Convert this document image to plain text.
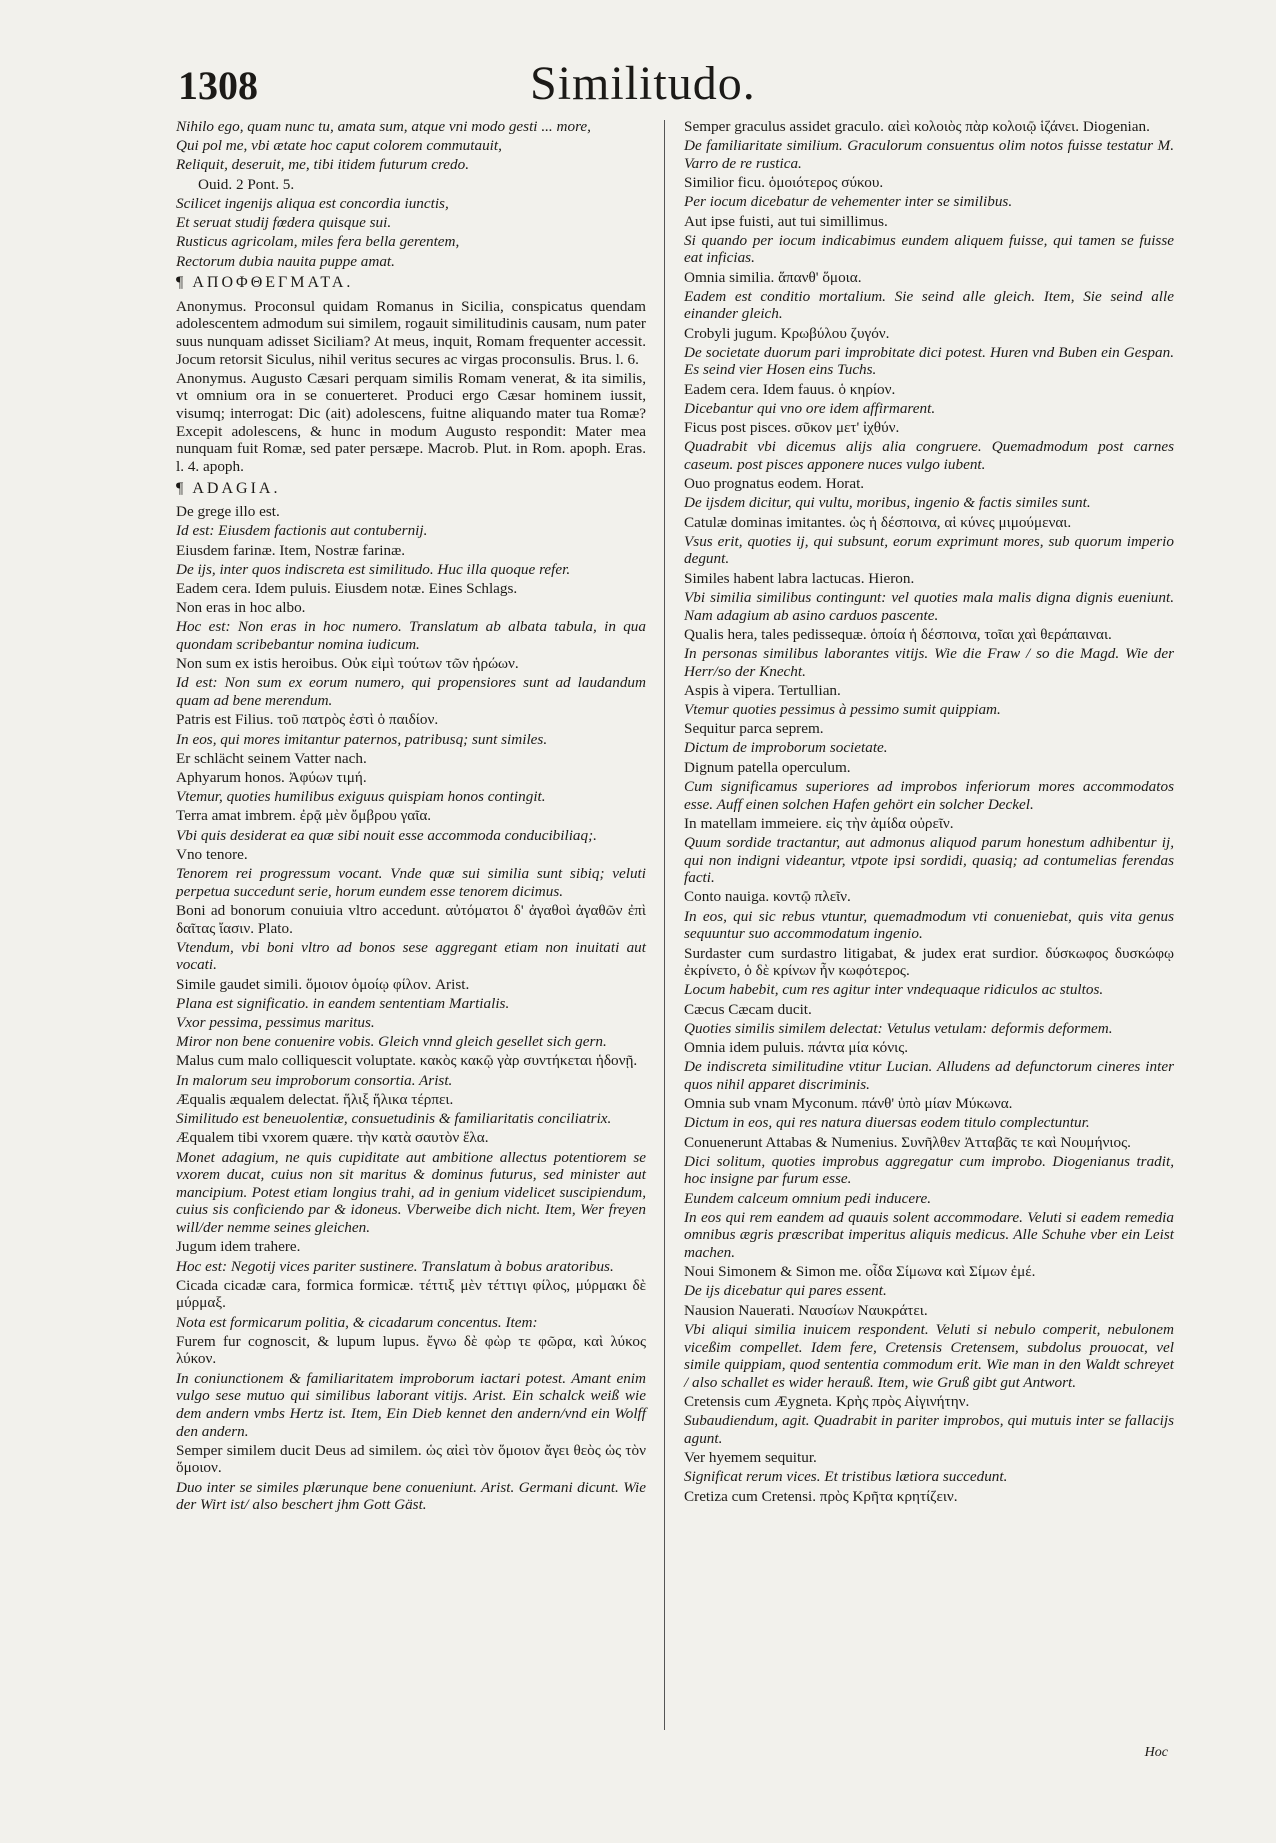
1308	Similitudo.

Nihilo ego, quam nunc tu, amata sum, atque vni modo gesti ... more,

Qui pol me, vbi ætate hoc caput colorem commutauit,

Reliquit, deseruit, me, tibi itidem futurum credo.

Ouid. 2 Pont. 5.

Scilicet ingenijs aliqua est concordia iunctis,

Et seruat studij fœdera quisque sui.

Rusticus agricolam, miles fera bella gerentem,

Rectorum dubia nauita puppe amat.

¶ ΑΠΟΦΘΕΓΜΑΤΑ.

Anonymus. Proconsul quidam Romanus in Sicilia, conspicatus quendam adolescentem admodum sui similem, rogauit similitudinis causam, num pater suus nunquam adisset Siciliam? At meus, inquit, Romam frequenter accessit. Jocum retorsit Siculus, nihil veritus secures ac virgas proconsulis. Brus. l. 6.

Anonymus. Augusto Cæsari perquam similis Romam venerat, & ita similis, vt omnium ora in se conuerteret. Produci ergo Cæsar hominem iussit, visumq; interrogat: Dic (ait) adolescens, fuitne aliquando mater tua Romæ? Excepit adolescens, & hunc in modum Augusto respondit: Mater mea nunquam fuit Romæ, sed pater persæpe. Macrob. Plut. in Rom. apoph. Eras. l. 4. apoph.

¶ ADAGIA.

De grege illo est.

Id est: Eiusdem factionis aut contubernij.

Eiusdem farinæ. Item, Nostræ farinæ.

De ijs, inter quos indiscreta est similitudo. Huc illa quoque refer.

Eadem cera. Idem puluis. Eiusdem notæ. Eines Schlags.

Non eras in hoc albo.

Hoc est: Non eras in hoc numero. Translatum ab albata tabula, in qua quondam scribebantur nomina iudicum.

Non sum ex istis heroibus. Οὐκ εἰμὶ τούτων τῶν ἡρώων.

Id est: Non sum ex eorum numero, qui propensiores sunt ad laudandum quam ad bene merendum.

Patris est Filius. τοῦ πατρὸς ἐστὶ ὁ παιδίον.

In eos, qui mores imitantur paternos, patribusq; sunt similes.

Er schlächt seinem Vatter nach.

Aphyarum honos. Ἀφύων τιμή.

Vtemur, quoties humilibus exiguus quispiam honos contingit.

Terra amat imbrem. ἐρᾷ μὲν ὄμβρου γαῖα.

Vbi quis desiderat ea quæ sibi nouit esse accommoda conducibiliaq;.

Vno tenore.

Tenorem rei progressum vocant. Vnde quæ sui similia sunt sibiq; veluti perpetua succedunt serie, horum eundem esse tenorem dicimus.

Boni ad bonorum conuiuia vltro accedunt. αὐτόματοι δ' ἀγαθοὶ ἀγαθῶν ἐπὶ δαῖτας ἴασιν. Plato.

Vtendum, vbi boni vltro ad bonos sese aggregant etiam non inuitati aut vocati.

Simile gaudet simili. ὅμοιον ὁμοίῳ φίλον. Arist.

Plana est significatio. in eandem sententiam Martialis.

Vxor pessima, pessimus maritus.

Miror non bene conuenire vobis. Gleich vnnd gleich gesellet sich gern.

Malus cum malo colliquescit voluptate. κακὸς κακῷ γὰρ συντήκεται ἡδονῇ.

In malorum seu improborum consortia. Arist.

Æqualis æqualem delectat. ἥλιξ ἥλικα τέρπει.

Similitudo est beneuolentiæ, consuetudinis & familiaritatis conciliatrix.

Æqualem tibi vxorem quære. τὴν κατὰ σαυτὸν ἔλα.

Monet adagium, ne quis cupiditate aut ambitione allectus potentiorem se vxorem ducat, cuius non sit maritus & dominus futurus, sed minister aut mancipium. Potest etiam longius trahi, ad in genium videlicet suscipiendum, cuius sis conficiendo par & idoneus. Vberweibe dich nicht. Item, Wer freyen will/der nemme seines gleichen.

Jugum idem trahere.

Hoc est: Negotij vices pariter sustinere. Translatum à bobus aratoribus.

Cicada cicadæ cara, formica formicæ. τέττιξ μὲν τέττιγι φίλος, μύρμακι δὲ μύρμαξ.

Nota est formicarum politia, & cicadarum concentus. Item:

Furem fur cognoscit, & lupum lupus. ἔγνω δὲ φὼρ τε φῶρα, καὶ λύκος λύκον.

In coniunctionem & familiaritatem improborum iactari potest. Amant enim vulgo sese mutuo qui similibus laborant vitijs. Arist. Ein schalck weiß wie dem andern vmbs Hertz ist. Item, Ein Dieb kennet den andern/vnd ein Wolff den andern.

Semper similem ducit Deus ad similem. ὡς αἰεὶ τὸν ὅμοιον ἄγει θεὸς ὡς τὸν ὅμοιον.

Duo inter se similes plærunque bene conueniunt. Arist. Germani dicunt. Wie der Wirt ist/ also beschert jhm Gott Gäst.

Semper graculus assidet graculo. αἰεὶ κολοιὸς πὰρ κολοιῷ ἱζάνει. Diogenian.

De familiaritate similium. Graculorum consuentus olim notos fuisse testatur M. Varro de re rustica.

Similior ficu. ὁμοιότερος σύκου.

Per iocum dicebatur de vehementer inter se similibus.

Aut ipse fuisti, aut tui simillimus.

Si quando per iocum indicabimus eundem aliquem fuisse, qui tamen se fuisse eat inficias.

Omnia similia. ἅπανθ' ὅμοια.

Eadem est conditio mortalium. Sie seind alle gleich. Item, Sie seind alle einander gleich.

Crobyli jugum. Κρωβύλου ζυγόν.

De societate duorum pari improbitate dici potest. Huren vnd Buben ein Gespan. Es seind vier Hosen eins Tuchs.

Eadem cera. Idem fauus. ὁ κηρίον.

Dicebantur qui vno ore idem affirmarent.

Ficus post pisces. σῦκον μετ' ἰχθύν.

Quadrabit vbi dicemus alijs alia congruere. Quemadmodum post carnes caseum. post pisces apponere nuces vulgo iubent.

Ouo prognatus eodem. Horat.

De ijsdem dicitur, qui vultu, moribus, ingenio & factis similes sunt.

Catulæ dominas imitantes. ὡς ἡ δέσποινα, αἱ κύνες μιμούμεναι.

Vsus erit, quoties ij, qui subsunt, eorum exprimunt mores, sub quorum imperio degunt.

Similes habent labra lactucas. Hieron.

Vbi similia similibus contingunt: vel quoties mala malis digna dignis eueniunt. Nam adagium ab asino carduos pascente.

Qualis hera, tales pedissequæ. ὁποία ἡ δέσποινα, τοῖαι χαὶ θεράπαιναι.

In personas similibus laborantes vitijs. Wie die Fraw / so die Magd. Wie der Herr/so der Knecht.

Aspis à vipera. Tertullian.

Vtemur quoties pessimus à pessimo sumit quippiam.

Sequitur parca seprem.

Dictum de improborum societate.

Dignum patella operculum.

Cum significamus superiores ad improbos inferiorum mores accommodatos esse. Auff einen solchen Hafen gehört ein solcher Deckel.

In matellam immeiere. εἰς τὴν ἀμίδα οὐρεῖν.

Quum sordide tractantur, aut admonus aliquod parum honestum adhibentur ij, qui non indigni videantur, vtpote ipsi sordidi, quasiq; ad contumelias ferendas facti.

Conto nauiga. κοντῷ πλεῖν.

In eos, qui sic rebus vtuntur, quemadmodum vti conueniebat, quis vita genus sequuntur suo accommodatum ingenio.

Surdaster cum surdastro litigabat, & judex erat surdior. δύσκωφος δυσκώφῳ ἐκρίνετο, ὁ δὲ κρίνων ἦν κωφότερος.

Locum habebit, cum res agitur inter vndequaque ridiculos ac stultos.

Cæcus Cæcam ducit.

Quoties similis similem delectat: Vetulus vetulam: deformis deformem.

Omnia idem puluis. πάντα μία κόνις.

De indiscreta similitudine vtitur Lucian. Alludens ad defunctorum cineres inter quos nihil apparet discriminis.

Omnia sub vnam Myconum. πάνθ' ὑπὸ μίαν Μύκωνα.

Dictum in eos, qui res natura diuersas eodem titulo complectuntur.

Conuenerunt Attabas & Numenius. Συνῆλθεν Ἀτταβᾶς τε καὶ Νουμήνιος.

Dici solitum, quoties improbus aggregatur cum improbo. Diogenianus tradit, hoc insigne par furum esse.

Eundem calceum omnium pedi inducere.

In eos qui rem eandem ad quauis solent accommodare. Veluti si eadem remedia omnibus ægris præscribat imperitus aliquis medicus. Alle Schuhe vber ein Leist machen.

Noui Simonem & Simon me. οἶδα Σίμωνα καὶ Σίμων ἐμέ.

De ijs dicebatur qui pares essent.

Nausion Nauerati. Ναυσίων Ναυκράτει.

Vbi aliqui similia inuicem respondent. Veluti si nebulo comperit, nebulonem viceßim compellet. Idem fere, Cretensis Cretensem, subdolus prouocat, vel simile quippiam, quod sententia commodum erit. Wie man in den Waldt schreyet / also schallet es wider herauß. Item, wie Gruß gibt gut Antwort.

Cretensis cum Æygneta. Κρὴς πρὸς Αἰγινήτην.

Subaudiendum, agit. Quadrabit in pariter improbos, qui mutuis inter se fallacijs agunt.

Ver hyemem sequitur.

Significat rerum vices. Et tristibus lætiora succedunt.

Cretiza cum Cretensi. πρὸς Κρῆτα κρητίζειν.

Hoc
